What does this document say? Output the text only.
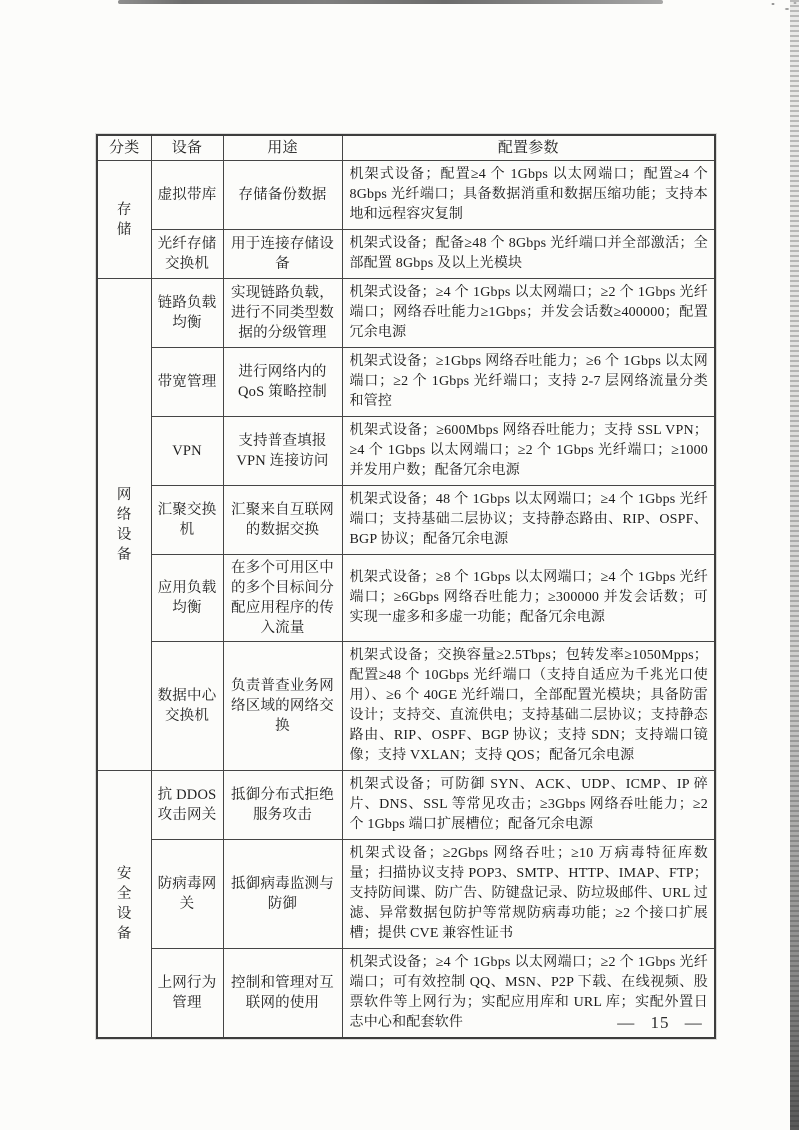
分类	设备	用途	配置参数
存储	虚拟带库	存储备份数据	机架式设备；配置≥4 个 1Gbps 以太网端口；配置≥4 个 8Gbps 光纤端口；具备数据消重和数据压缩功能；支持本地和远程容灾复制
	光纤存储交换机	用于连接存储设备	机架式设备；配备≥48 个 8Gbps 光纤端口并全部激活；全部配置 8Gbps 及以上光模块
网络设备	链路负载均衡	实现链路负载，进行不同类型数据的分级管理	机架式设备；≥4 个 1Gbps 以太网端口；≥2 个 1Gbps 光纤端口；网络吞吐能力≥1Gbps；并发会话数≥400000；配置冗余电源
	带宽管理	进行网络内的 QoS 策略控制	机架式设备；≥1Gbps 网络吞吐能力；≥6 个 1Gbps 以太网端口；≥2 个 1Gbps 光纤端口；支持 2-7 层网络流量分类和管控
	VPN	支持普查填报 VPN 连接访问	机架式设备；≥600Mbps 网络吞吐能力；支持 SSL VPN；≥4 个 1Gbps 以太网端口；≥2 个 1Gbps 光纤端口；≥1000 并发用户数；配备冗余电源
	汇聚交换机	汇聚来自互联网的数据交换	机架式设备；48 个 1Gbps 以太网端口；≥4 个 1Gbps 光纤端口；支持基础二层协议；支持静态路由、RIP、OSPF、BGP 协议；配备冗余电源
	应用负载均衡	在多个可用区中的多个目标间分配应用程序的传入流量	机架式设备；≥8 个 1Gbps 以太网端口；≥4 个 1Gbps 光纤端口；≥6Gbps 网络吞吐能力；≥300000 并发会话数；可实现一虚多和多虚一功能；配备冗余电源
	数据中心交换机	负责普查业务网络区域的网络交换	机架式设备；交换容量≥2.5Tbps；包转发率≥1050Mpps；配置≥48 个 10Gbps 光纤端口（支持自适应为千兆光口使用）、≥6 个 40GE 光纤端口，全部配置光模块；具备防雷设计；支持交、直流供电；支持基础二层协议；支持静态路由、RIP、OSPF、BGP 协议；支持 SDN；支持端口镜像；支持 VXLAN；支持 QOS；配备冗余电源
安全设备	抗 DDOS 攻击网关	抵御分布式拒绝服务攻击	机架式设备；可防御 SYN、ACK、UDP、ICMP、IP 碎片、DNS、SSL 等常见攻击；≥3Gbps 网络吞吐能力；≥2 个 1Gbps 端口扩展槽位；配备冗余电源
	防病毒网关	抵御病毒监测与防御	机架式设备；≥2Gbps 网络吞吐；≥10 万病毒特征库数量；扫描协议支持 POP3、SMTP、HTTP、IMAP、FTP；支持防间谍、防广告、防键盘记录、防垃圾邮件、URL 过滤、异常数据包防护等常规防病毒功能；≥2 个接口扩展槽；提供 CVE 兼容性证书
	上网行为管理	控制和管理对互联网的使用	机架式设备；≥4 个 1Gbps 以太网端口；≥2 个 1Gbps 光纤端口；可有效控制 QQ、MSN、P2P 下载、在线视频、股票软件等上网行为；实配应用库和 URL 库；实配外置日志中心和配套软件	— 15 —
